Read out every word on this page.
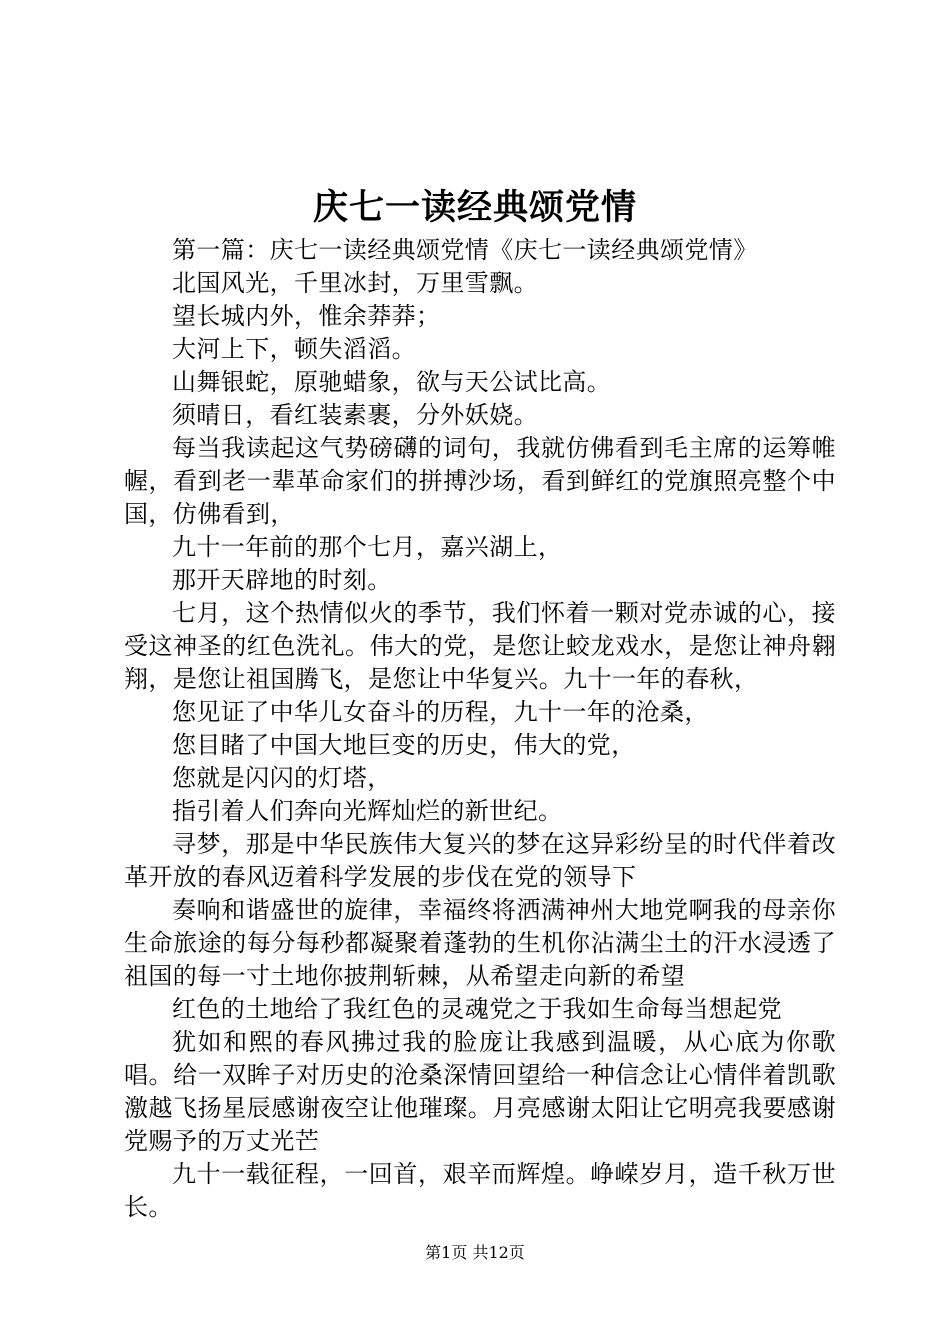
庆七一读经典颂党情

第一篇：庆七一读经典颂党情《庆七一读经典颂党情》

北国风光，千里冰封，万里雪飘。

望长城内外，惟余莽莽；

大河上下，顿失滔滔。

山舞银蛇，原驰蜡象，欲与天公试比高。

须晴日，看红装素裹，分外妖娆。

每当我读起这气势磅礴的词句，我就仿佛看到毛主席的运筹帷幄，看到老一辈革命家们的拼搏沙场，看到鲜红的党旗照亮整个中国，仿佛看到，

九十一年前的那个七月，嘉兴湖上，

那开天辟地的时刻。

七月，这个热情似火的季节，我们怀着一颗对党赤诚的心，接受这神圣的红色洗礼。伟大的党，是您让蛟龙戏水，是您让神舟翱翔，是您让祖国腾飞，是您让中华复兴。九十一年的春秋，

您见证了中华儿女奋斗的历程，九十一年的沧桑，

您目睹了中国大地巨变的历史，伟大的党，

您就是闪闪的灯塔，

指引着人们奔向光辉灿烂的新世纪。

寻梦，那是中华民族伟大复兴的梦在这异彩纷呈的时代伴着改革开放的春风迈着科学发展的步伐在党的领导下

奏响和谐盛世的旋律，幸福终将洒满神州大地党啊我的母亲你生命旅途的每分每秒都凝聚着蓬勃的生机你沾满尘土的汗水浸透了祖国的每一寸土地你披荆斩棘，从希望走向新的希望

红色的土地给了我红色的灵魂党之于我如生命每当想起党

犹如和熙的春风拂过我的脸庞让我感到温暖，从心底为你歌唱。给一双眸子对历史的沧桑深情回望给一种信念让心情伴着凯歌激越飞扬星辰感谢夜空让他璀璨。月亮感谢太阳让它明亮我要感谢党赐予的万丈光芒

九十一载征程，一回首，艰辛而辉煌。峥嵘岁月，造千秋万世长。

第1页 共12页
